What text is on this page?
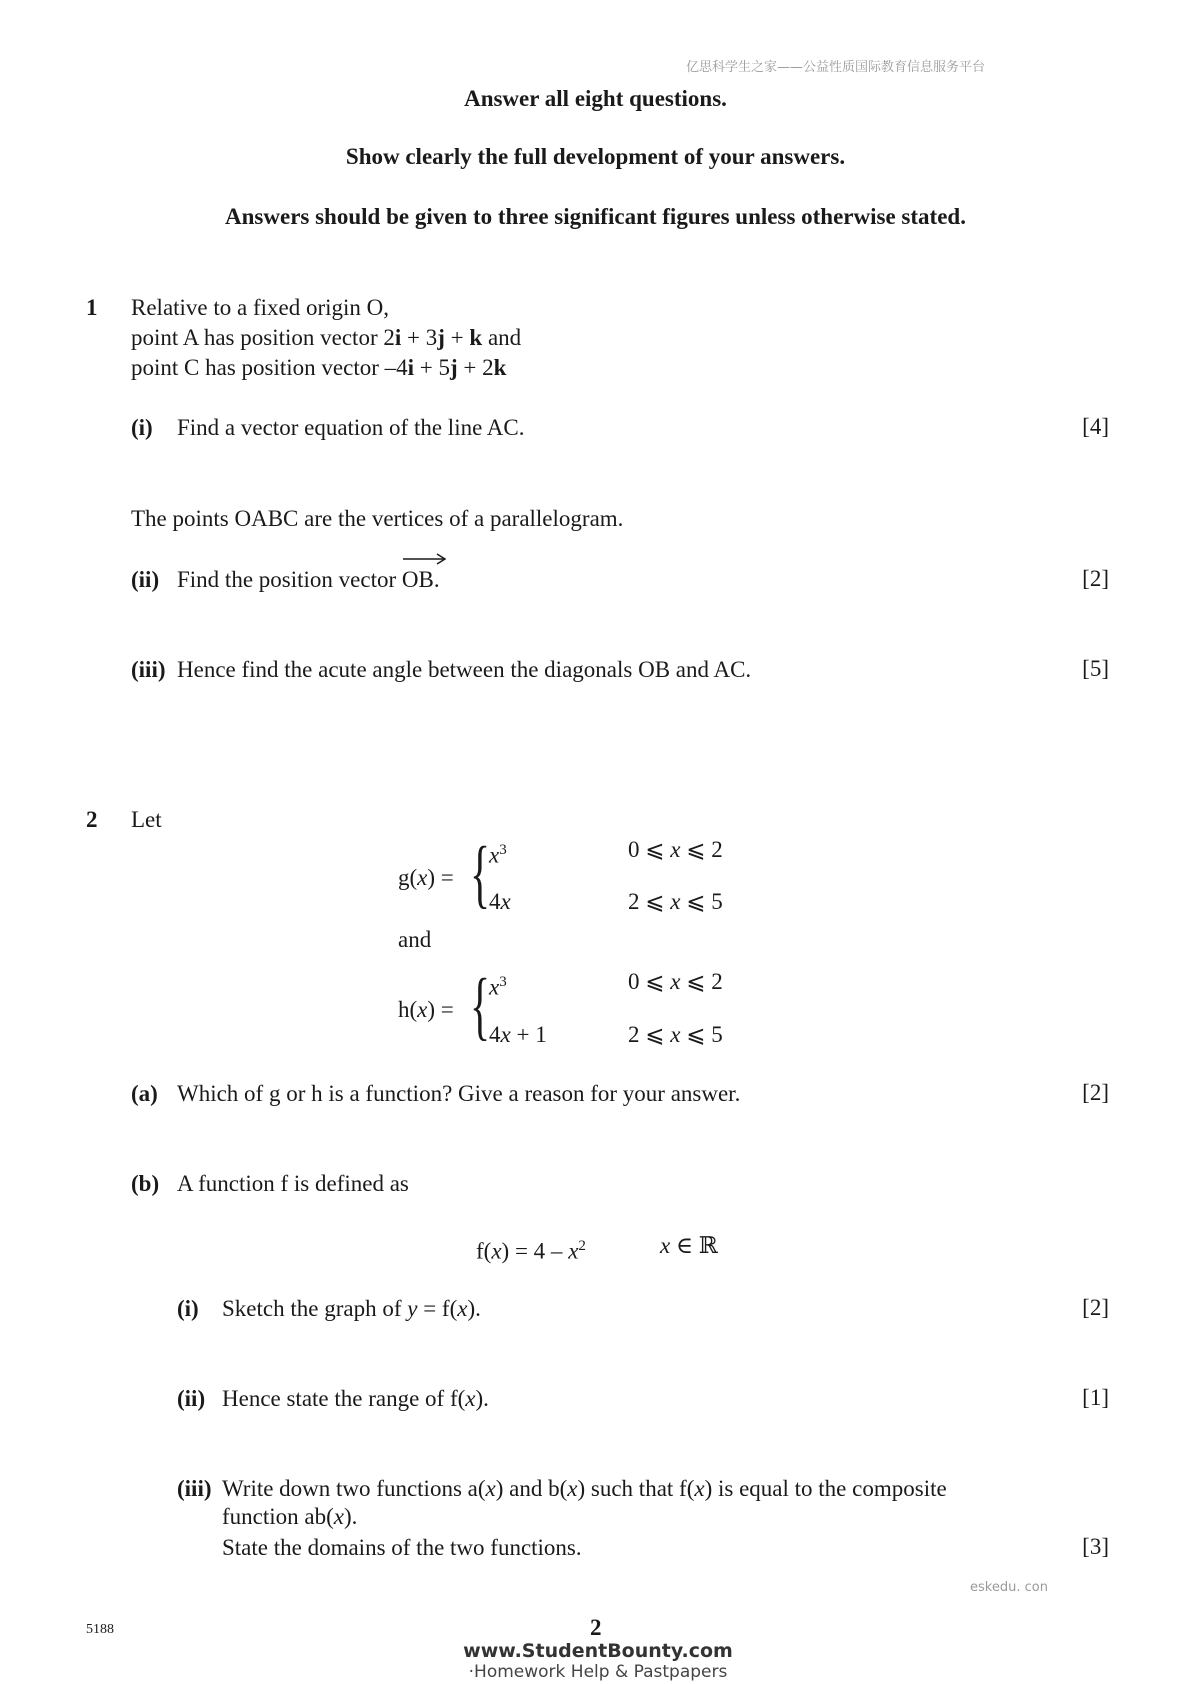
亿思科学生之家——公益性质国际教育信息服务平台
Answer all eight questions.
Show clearly the full development of your answers.
Answers should be given to three significant figures unless otherwise stated.
1 Relative to a fixed origin O,
point A has position vector 2i + 3j + k and
point C has position vector –4i + 5j + 2k
(i) Find a vector equation of the line AC.	[4]
The points OABC are the vertices of a parallelogram.
(ii) Find the position vector
OB.	[2]
(iii) Hence find the acute angle between the diagonals OB and AC.	[5]
2 Let
g(x) = {
$x^3$	0 ⩽ x ⩽ 2
4x	2 ⩽ x ⩽ 5
and
h(x) = {
$x^3$	0 ⩽ x ⩽ 2
4x + 1	2 ⩽ x ⩽ 5
(a) Which of g or h is a function? Give a reason for your answer.	[2]
(b) A function f is defined as
$f(x) = 4 - x^2$	x ∈ ℝ
(i) Sketch the graph of y = f(x).	[2]
(ii) Hence state the range of f(x).	[1]
(iii) Write down two functions a(x) and b(x) such that f(x) is equal to the composite
function ab(x).
State the domains of the two functions.	[3]
eskedu. con
5188	2
www.StudentBounty.com
·Homework Help & Pastpapers
